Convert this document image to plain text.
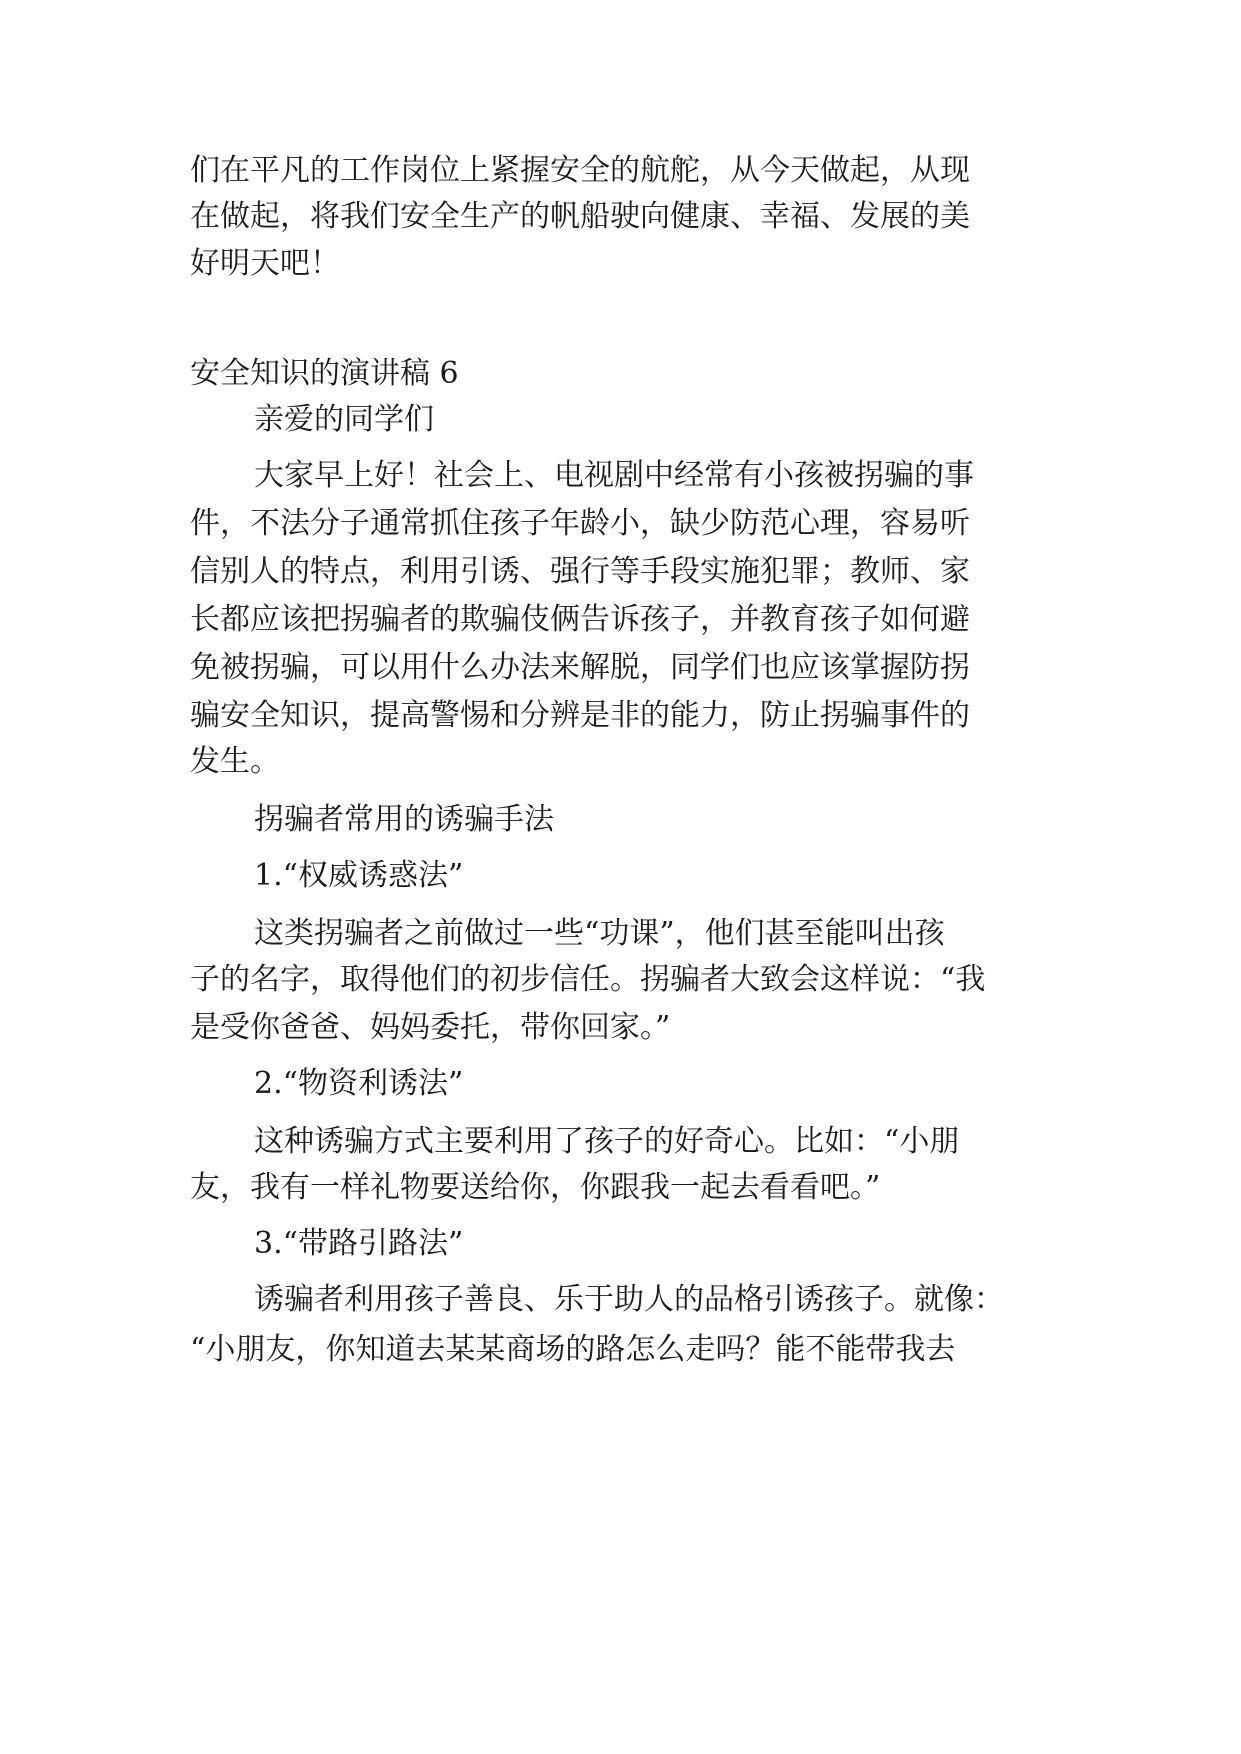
们在平凡的工作岗位上紧握安全的航舵，从今天做起，从现
在做起，将我们安全生产的帆船驶向健康、幸福、发展的美
好明天吧！
安全知识的演讲稿 6
亲爱的同学们
大家早上好！社会上、电视剧中经常有小孩被拐骗的事
件，不法分子通常抓住孩子年龄小，缺少防范心理，容易听
信别人的特点，利用引诱、强行等手段实施犯罪；教师、家
长都应该把拐骗者的欺骗伎俩告诉孩子，并教育孩子如何避
免被拐骗，可以用什么办法来解脱，同学们也应该掌握防拐
骗安全知识，提高警惕和分辨是非的能力，防止拐骗事件的
发生。
拐骗者常用的诱骗手法
1.“权威诱惑法”
这类拐骗者之前做过一些“功课”，他们甚至能叫出孩
子的名字，取得他们的初步信任。拐骗者大致会这样说：“我
是受你爸爸、妈妈委托，带你回家。”
2.“物资利诱法”
这种诱骗方式主要利用了孩子的好奇心。比如：“小朋
友，我有一样礼物要送给你，你跟我一起去看看吧。”
3.“带路引路法”
诱骗者利用孩子善良、乐于助人的品格引诱孩子。就像：
“小朋友，你知道去某某商场的路怎么走吗？能不能带我去
